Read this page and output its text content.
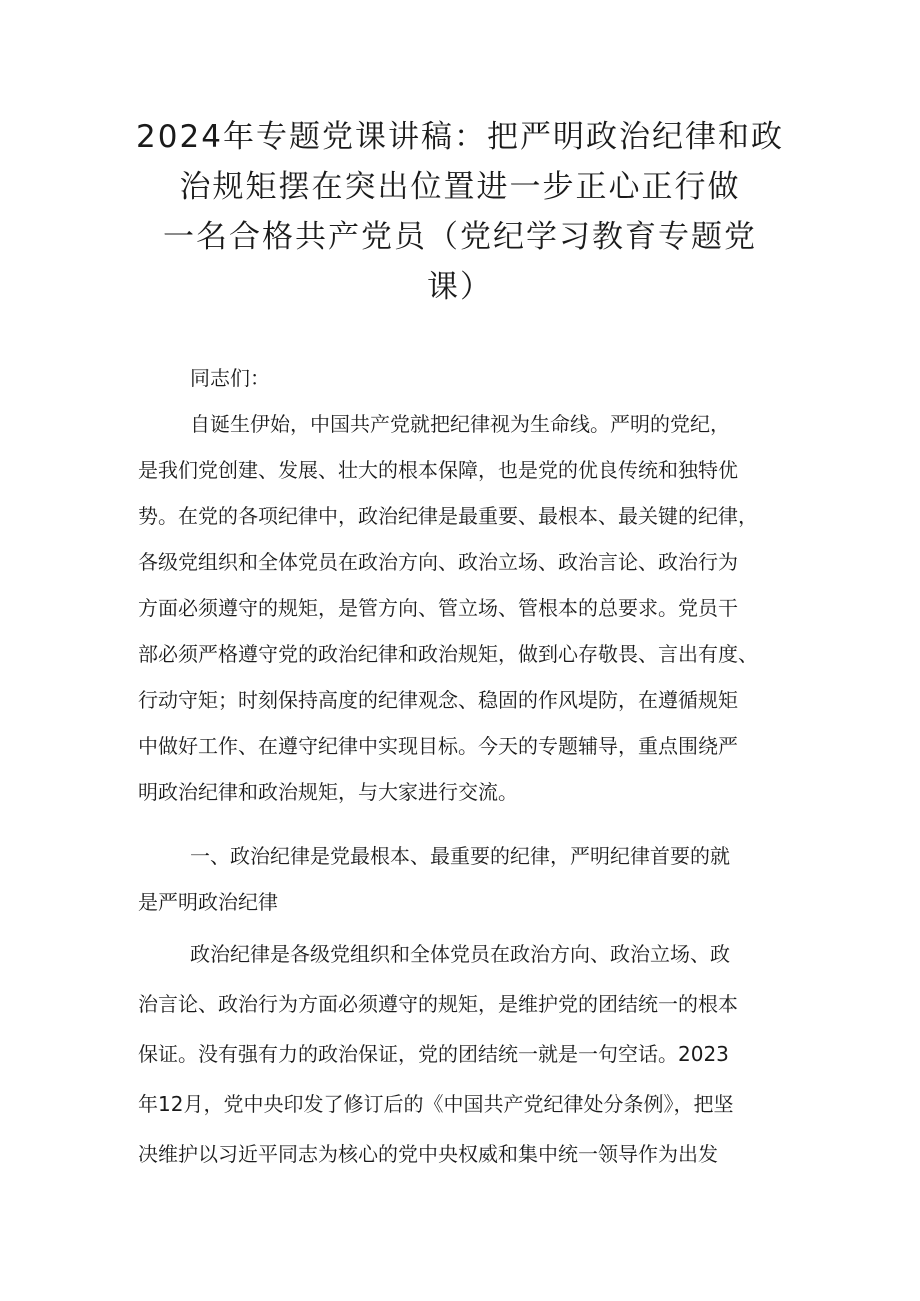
2024年专题党课讲稿：把严明政治纪律和政
治规矩摆在突出位置进一步正心正行做
一名合格共产党员（党纪学习教育专题党
课）
同志们：
自诞生伊始，中国共产党就把纪律视为生命线。严明的党纪，
是我们党创建、发展、壮大的根本保障，也是党的优良传统和独特优
势。在党的各项纪律中，政治纪律是最重要、最根本、最关键的纪律，
各级党组织和全体党员在政治方向、政治立场、政治言论、政治行为
方面必须遵守的规矩，是管方向、管立场、管根本的总要求。党员干
部必须严格遵守党的政治纪律和政治规矩，做到心存敬畏、言出有度、
行动守矩；时刻保持高度的纪律观念、稳固的作风堤防，在遵循规矩
中做好工作、在遵守纪律中实现目标。今天的专题辅导，重点围绕严
明政治纪律和政治规矩，与大家进行交流。
一、政治纪律是党最根本、最重要的纪律，严明纪律首要的就
是严明政治纪律
政治纪律是各级党组织和全体党员在政治方向、政治立场、政
治言论、政治行为方面必须遵守的规矩，是维护党的团结统一的根本
保证。没有强有力的政治保证，党的团结统一就是一句空话。2023
年12月，党中央印发了修订后的《中国共产党纪律处分条例》，把坚
决维护以习近平同志为核心的党中央权威和集中统一领导作为出发
